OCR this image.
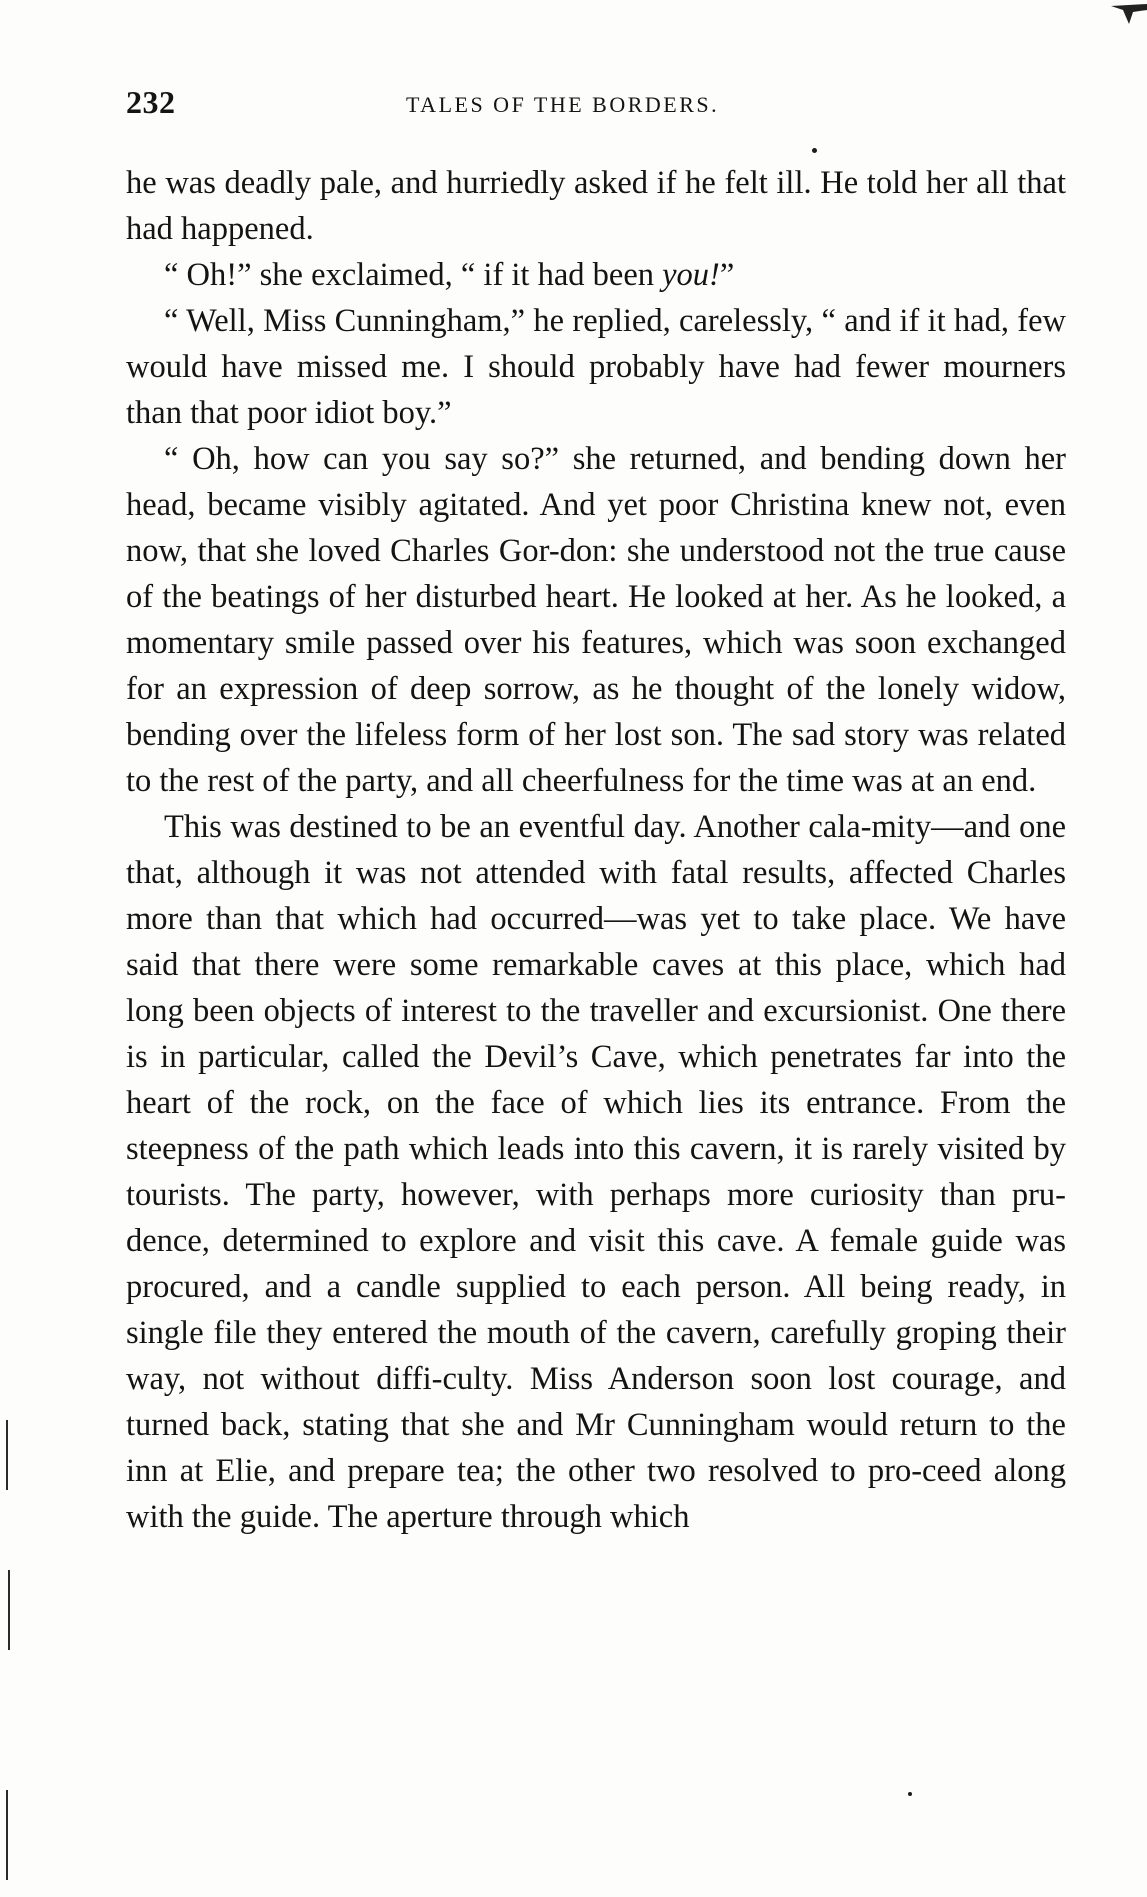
232	TALES OF THE BORDERS.

he was deadly pale, and hurriedly asked if he felt ill. He told her all that had happened.

“ Oh!” she exclaimed, “ if it had been you!”

“ Well, Miss Cunningham,” he replied, carelessly, “ and if it had, few would have missed me. I should probably have had fewer mourners than that poor idiot boy.”

“ Oh, how can you say so?” she returned, and bending down her head, became visibly agitated. And yet poor Christina knew not, even now, that she loved Charles Gor-don: she understood not the true cause of the beatings of her disturbed heart. He looked at her. As he looked, a momentary smile passed over his features, which was soon exchanged for an expression of deep sorrow, as he thought of the lonely widow, bending over the lifeless form of her lost son. The sad story was related to the rest of the party, and all cheerfulness for the time was at an end.

This was destined to be an eventful day. Another cala-mity—and one that, although it was not attended with fatal results, affected Charles more than that which had occurred—was yet to take place. We have said that there were some remarkable caves at this place, which had long been objects of interest to the traveller and excursionist. One there is in particular, called the Devil’s Cave, which penetrates far into the heart of the rock, on the face of which lies its entrance. From the steepness of the path which leads into this cavern, it is rarely visited by tourists. The party, however, with perhaps more curiosity than pru-dence, determined to explore and visit this cave. A female guide was procured, and a candle supplied to each person. All being ready, in single file they entered the mouth of the cavern, carefully groping their way, not without diffi-culty. Miss Anderson soon lost courage, and turned back, stating that she and Mr Cunningham would return to the inn at Elie, and prepare tea; the other two resolved to pro-ceed along with the guide. The aperture through which
